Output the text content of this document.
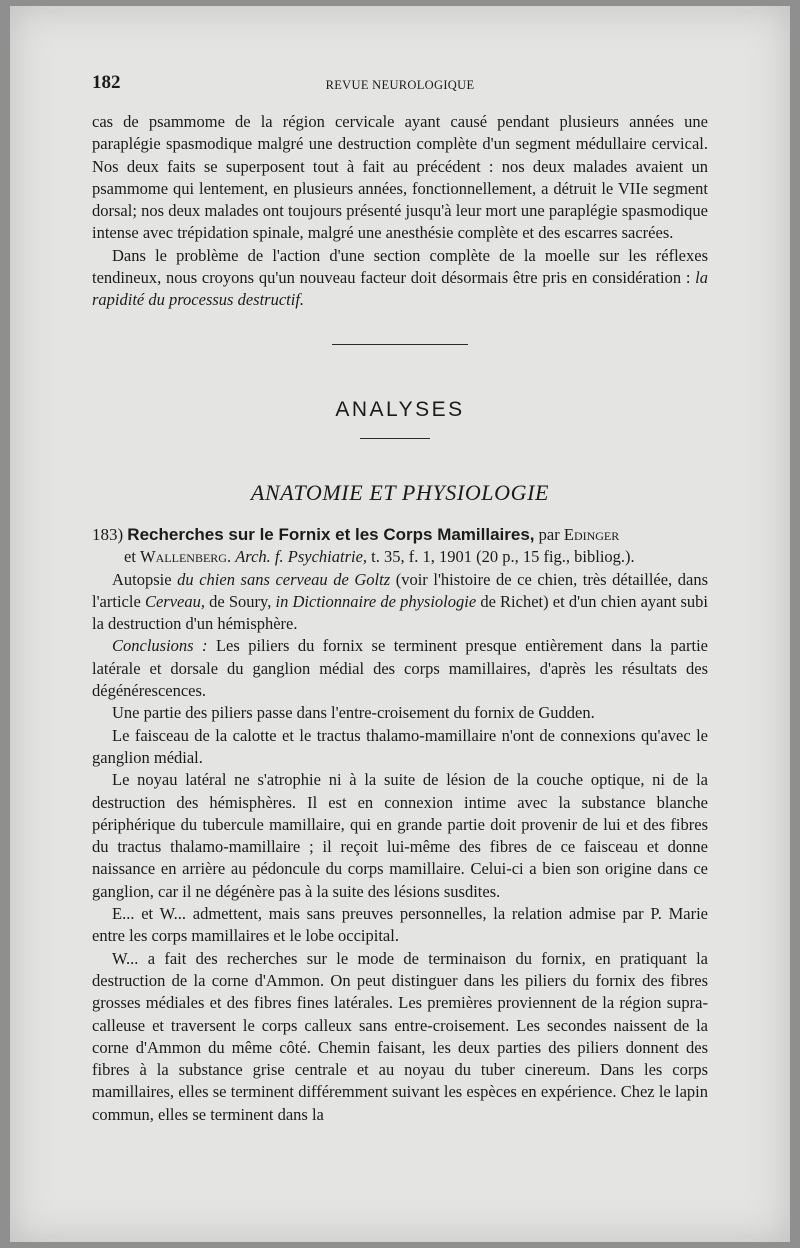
182	REVUE NEUROLOGIQUE

cas de psammome de la région cervicale ayant causé pendant plusieurs années une paraplégie spasmodique malgré une destruction complète d'un segment médullaire cervical. Nos deux faits se superposent tout à fait au précédent : nos deux malades avaient un psammome qui lentement, en plusieurs années, fonctionnellement, a détruit le VIIe segment dorsal; nos deux malades ont toujours présenté jusqu'à leur mort une paraplégie spasmodique intense avec trépidation spinale, malgré une anesthésie complète et des escarres sacrées.

Dans le problème de l'action d'une section complète de la moelle sur les réflexes tendineux, nous croyons qu'un nouveau facteur doit désormais être pris en considération : la rapidité du processus destructif.

ANALYSES
ANATOMIE ET PHYSIOLOGIE
183) Recherches sur le Fornix et les Corps Mamillaires, par Edinger
et Wallenberg. Arch. f. Psychiatrie, t. 35, f. 1, 1901 (20 p., 15 fig., bibliog.).

Autopsie du chien sans cerveau de Goltz (voir l'histoire de ce chien, très détaillée, dans l'article Cerveau, de Soury, in Dictionnaire de physiologie de Richet) et d'un chien ayant subi la destruction d'un hémisphère.

Conclusions : Les piliers du fornix se terminent presque entièrement dans la partie latérale et dorsale du ganglion médial des corps mamillaires, d'après les résultats des dégénérescences.

Une partie des piliers passe dans l'entre-croisement du fornix de Gudden.

Le faisceau de la calotte et le tractus thalamo-mamillaire n'ont de connexions qu'avec le ganglion médial.

Le noyau latéral ne s'atrophie ni à la suite de lésion de la couche optique, ni de la destruction des hémisphères. Il est en connexion intime avec la substance blanche périphérique du tubercule mamillaire, qui en grande partie doit provenir de lui et des fibres du tractus thalamo-mamillaire ; il reçoit lui-même des fibres de ce faisceau et donne naissance en arrière au pédoncule du corps mamillaire. Celui-ci a bien son origine dans ce ganglion, car il ne dégénère pas à la suite des lésions susdites.

E... et W... admettent, mais sans preuves personnelles, la relation admise par P. Marie entre les corps mamillaires et le lobe occipital.

W... a fait des recherches sur le mode de terminaison du fornix, en pratiquant la destruction de la corne d'Ammon. On peut distinguer dans les piliers du fornix des fibres grosses médiales et des fibres fines latérales. Les premières proviennent de la région supra-calleuse et traversent le corps calleux sans entre-croisement. Les secondes naissent de la corne d'Ammon du même côté. Chemin faisant, les deux parties des piliers donnent des fibres à la substance grise centrale et au noyau du tuber cinereum. Dans les corps mamillaires, elles se terminent différemment suivant les espèces en expérience. Chez le lapin commun, elles se terminent dans la
